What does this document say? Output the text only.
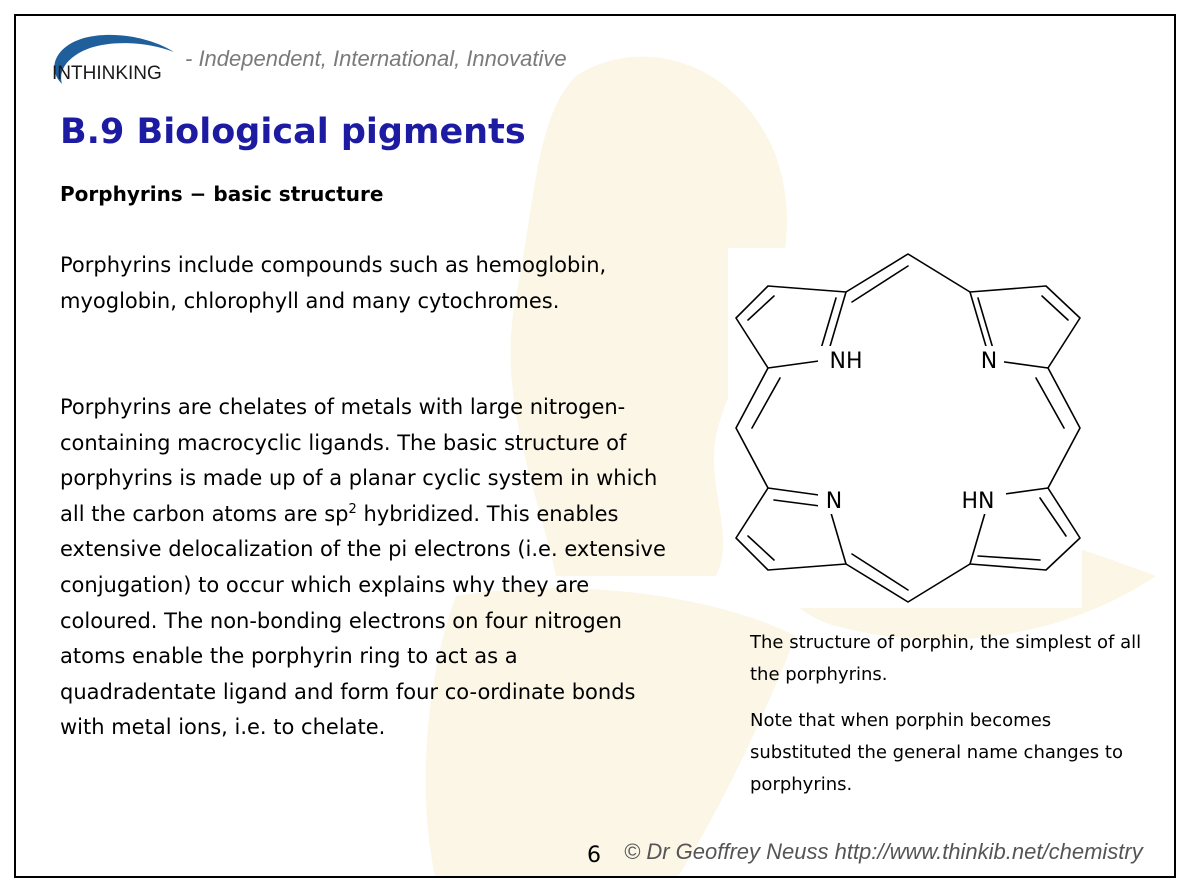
INTHINKING
- Independent, International, Innovative
B.9 Biological pigments
Porphyrins − basic structure

Porphyrins include compounds such as hemoglobin, myoglobin, chlorophyll and many cytochromes.

Porphyrins are chelates of metals with large nitrogen-containing macrocyclic ligands. The basic structure of porphyrins is made up of a planar cyclic system in which all the carbon atoms are $sp^2$ hybridized. This enables extensive delocalization of the pi electrons (i.e. extensive conjugation) to occur which explains why they are coloured. The non-bonding electrons on four nitrogen atoms enable the porphyrin ring to act as a quadradentate ligand and form four co-ordinate bonds with metal ions, i.e. to chelate.

NH	N
N	HN

The structure of porphin, the simplest of all the porphyrins.

Note that when porphin becomes substituted the general name changes to porphyrins.

6 © Dr Geoffrey Neuss http://www.thinkib.net/chemistry
